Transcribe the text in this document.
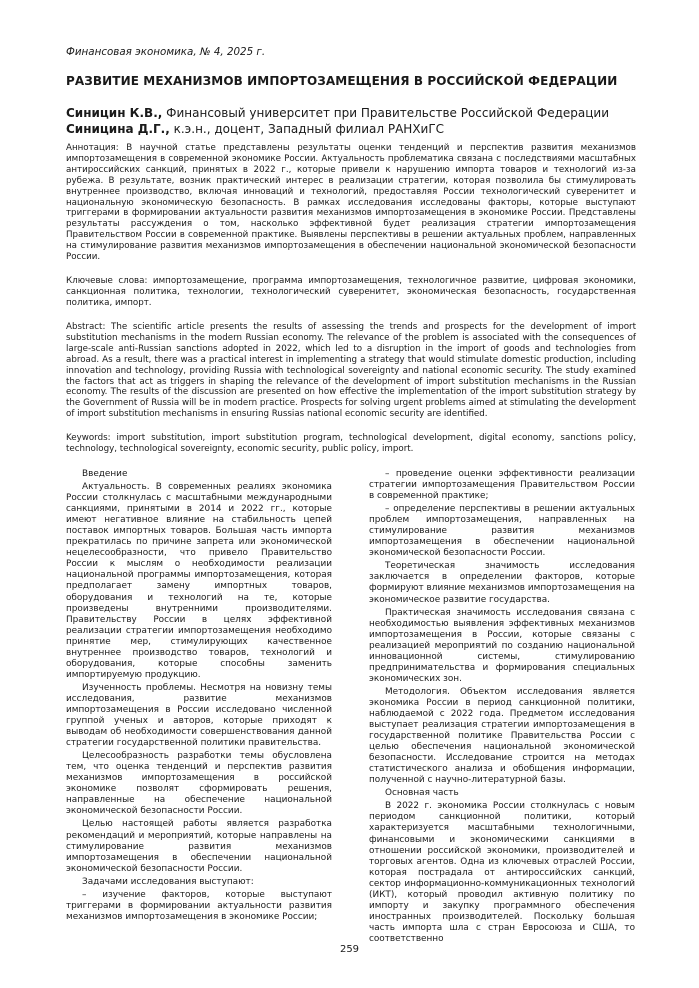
Финансовая экономика, № 4, 2025 г.
РАЗВИТИЕ МЕХАНИЗМОВ ИМПОРТОЗАМЕЩЕНИЯ В РОССИЙСКОЙ ФЕДЕРАЦИИ
Синицин К.В., Финансовый университет при Правительстве Российской Федерации
Синицина Д.Г., к.э.н., доцент, Западный филиал РАНХиГС
Аннотация: В научной статье представлены результаты оценки тенденций и перспектив развития механизмов импортозамещения в современной экономике России. Актуальность проблематика связана с последствиями масштабных антироссийских санкций, принятых в 2022 г., которые привели к нарушению импорта товаров и технологий из-за рубежа. В результате, возник практический интерес в реализации стратегии, которая позволила бы стимулировать внутреннее производство, включая инноваций и технологий, предоставляя России технологический суверенитет и национальную экономическую безопасность. В рамках исследования исследованы факторы, которые выступают триггерами в формировании актуальности развития механизмов импортозамещения в экономике России. Представлены результаты рассуждения о том, насколько эффективной будет реализация стратегии импортозамещения Правительством России в современной практике. Выявлены перспективы в решении актуальных проблем, направленных на стимулирование развития механизмов импортозамещения в обеспечении национальной экономической безопасности России.
Ключевые слова: импортозамещение, программа импортозамещения, технологичное развитие, цифровая экономики, санкционная политика, технологии, технологический суверенитет, экономическая безопасность, государственная политика, импорт.
Abstract: The scientific article presents the results of assessing the trends and prospects for the development of import substitution mechanisms in the modern Russian economy. The relevance of the problem is associated with the consequences of large-scale anti-Russian sanctions adopted in 2022, which led to a disruption in the import of goods and technologies from abroad. As a result, there was a practical interest in implementing a strategy that would stimulate domestic production, including innovation and technology, providing Russia with technological sovereignty and national economic security. The study examined the factors that act as triggers in shaping the relevance of the development of import substitution mechanisms in the Russian economy. The results of the discussion are presented on how effective the implementation of the import substitution strategy by the Government of Russia will be in modern practice. Prospects for solving urgent problems aimed at stimulating the development of import substitution mechanisms in ensuring Russias national economic security are identified.
Keywords: import substitution, import substitution program, technological development, digital economy, sanctions policy, technology, technological sovereignty, economic security, public policy, import.

Введение

Актуальность. В современных реалиях экономика России столкнулась с масштабными международными санкциями, принятыми в 2014 и 2022 гг., которые имеют негативное влияние на стабильность цепей поставок импортных товаров. Большая часть импорта прекратилась по причине запрета или экономической нецелесообразности, что привело Правительство России к мыслям о необходимости реализации национальной программы импортозамещения, которая предполагает замену импортных товаров, оборудования и технологий на те, которые произведены внутренними производителями. Правительству России в целях эффективной реализации стратегии импортозамещения необходимо принятие мер, стимулирующих качественное внутреннее производство товаров, технологий и оборудования, которые способны заменить импортируемую продукцию.

Изученность проблемы. Несмотря на новизну темы исследования, развитие механизмов импортозамещения в России исследовано численной группой ученых и авторов, которые приходят к выводам об необходимости совершенствования данной стратегии государственной политики правительства.

Целесообразность разработки темы обусловлена тем, что оценка тенденций и перспектив развития механизмов импортозамещения в российской экономике позволят сформировать решения, направленные на обеспечение национальной экономической безопасности России.

Целью настоящей работы является разработка рекомендаций и мероприятий, которые направлены на стимулирование развития механизмов импортозамещения в обеспечении национальной экономической безопасности России.

Задачами исследования выступают:

– изучение факторов, которые выступают триггерами в формировании актуальности развития механизмов импортозамещения в экономике России;

– проведение оценки эффективности реализации стратегии импортозамещения Правительством России в современной практике;

– определение перспективы в решении актуальных проблем импортозамещения, направленных на стимулирование развития механизмов импортозамещения в обеспечении национальной экономической безопасности России.

Теоретическая значимость исследования заключается в определении факторов, которые формируют влияние механизмов импортозамещения на экономическое развитие государства.

Практическая значимость исследования связана с необходимостью выявления эффективных механизмов импортозамещения в России, которые связаны с реализацией мероприятий по созданию национальной инновационной системы, стимулированию предпринимательства и формирования специальных экономических зон.

Методология. Объектом исследования является экономика России в период санкционной политики, наблюдаемой с 2022 года. Предметом исследования выступает реализация стратегии импортозамещения в государственной политике Правительства России с целью обеспечения национальной экономической безопасности. Исследование строится на методах статистического анализа и обобщения информации, полученной с научно-литературной базы.

Основная часть

В 2022 г. экономика России столкнулась с новым периодом санкционной политики, который характеризуется масштабными технологичными, финансовыми и экономическими санкциями в отношении российской экономики, производителей и торговых агентов. Одна из ключевых отраслей России, которая пострадала от антироссийских санкций, сектор информационно-коммуникационных технологий (ИКТ), который проводил активную политику по импорту и закупку программного обеспечения иностранных производителей. Поскольку большая часть импорта шла с стран Евросоюза и США, то соответственно

259
